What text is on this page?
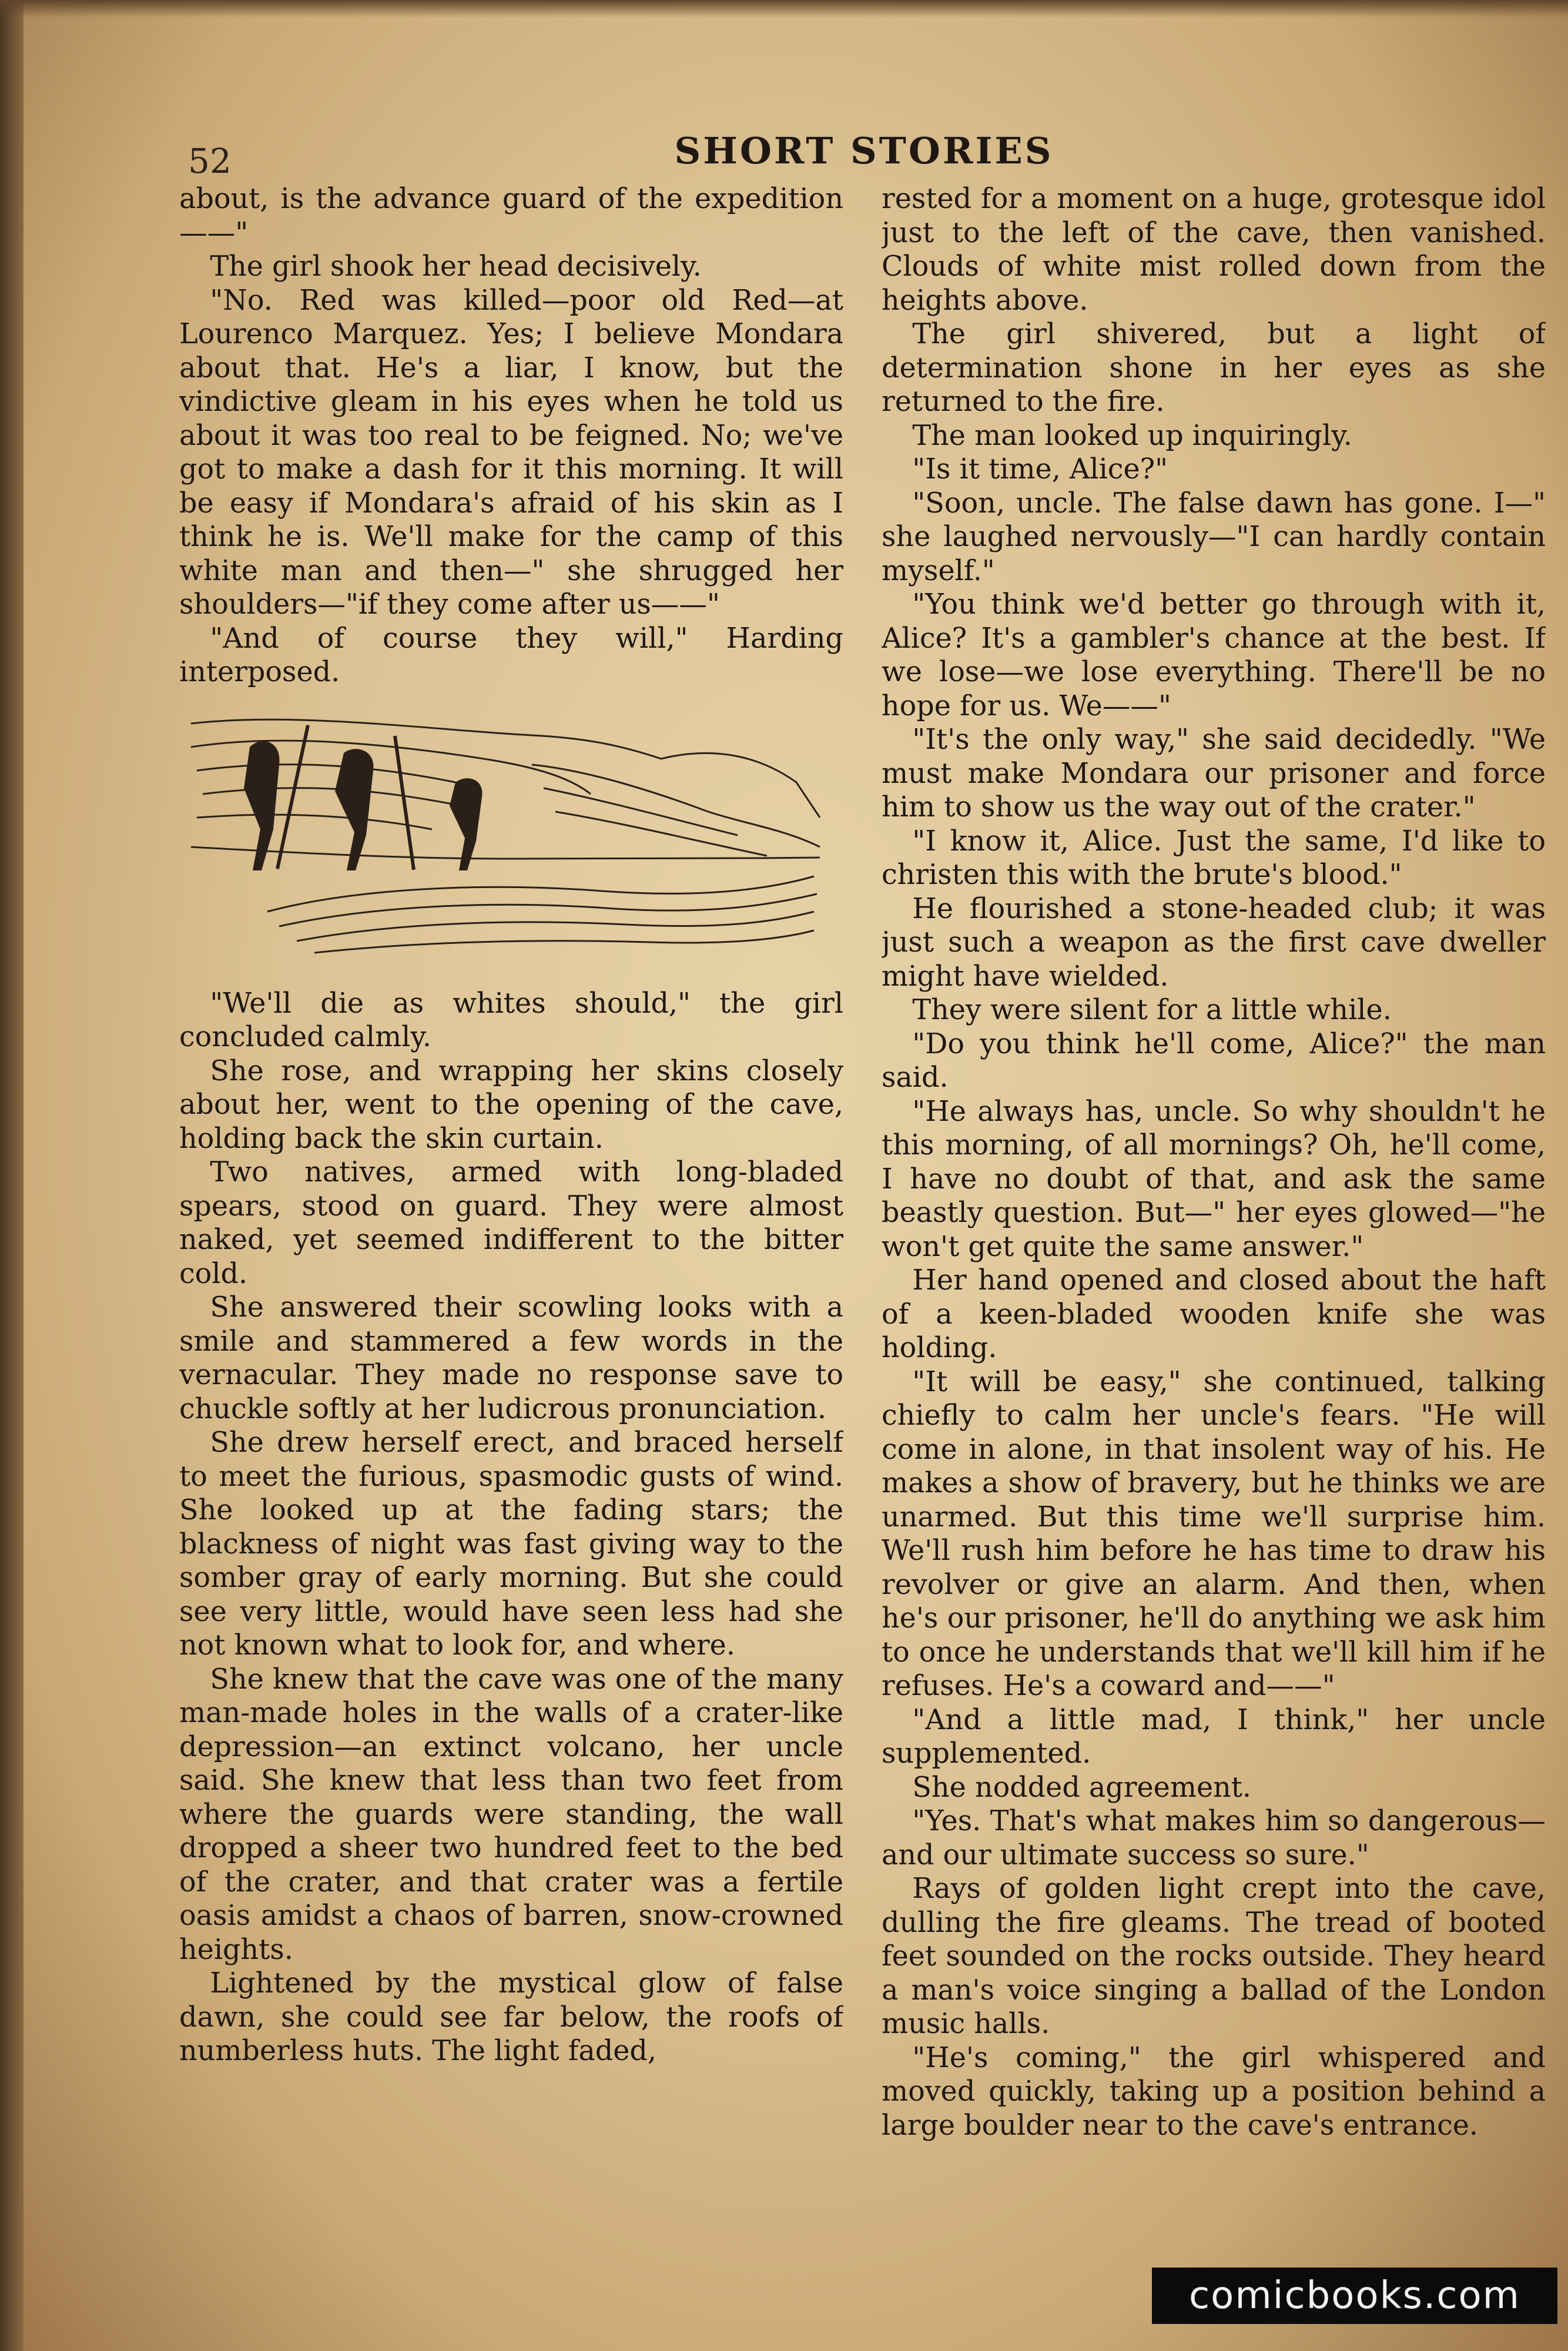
52	SHORT STORIES

about, is the advance guard of the expedition——"

The girl shook her head decisively.

"No. Red was killed—poor old Red—at Lourenco Marquez. Yes; I believe Mondara about that. He's a liar, I know, but the vindictive gleam in his eyes when he told us about it was too real to be feigned. No; we've got to make a dash for it this morning. It will be easy if Mondara's afraid of his skin as I think he is. We'll make for the camp of this white man and then—" she shrugged her shoulders—"if they come after us——"

"And of course they will," Harding interposed.

"We'll die as whites should," the girl concluded calmly.

She rose, and wrapping her skins closely about her, went to the opening of the cave, holding back the skin curtain.

Two natives, armed with long-bladed spears, stood on guard. They were almost naked, yet seemed indifferent to the bitter cold.

She answered their scowling looks with a smile and stammered a few words in the vernacular. They made no response save to chuckle softly at her ludicrous pronunciation.

She drew herself erect, and braced herself to meet the furious, spasmodic gusts of wind. She looked up at the fading stars; the blackness of night was fast giving way to the somber gray of early morning. But she could see very little, would have seen less had she not known what to look for, and where.

She knew that the cave was one of the many man-made holes in the walls of a crater-like depression—an extinct volcano, her uncle said. She knew that less than two feet from where the guards were standing, the wall dropped a sheer two hundred feet to the bed of the crater, and that crater was a fertile oasis amidst a chaos of barren, snow-crowned heights.

Lightened by the mystical glow of false dawn, she could see far below, the roofs of numberless huts. The light faded,

rested for a moment on a huge, grotesque idol just to the left of the cave, then vanished. Clouds of white mist rolled down from the heights above.

The girl shivered, but a light of determination shone in her eyes as she returned to the fire.

The man looked up inquiringly.

"Is it time, Alice?"

"Soon, uncle. The false dawn has gone. I—" she laughed nervously—"I can hardly contain myself."

"You think we'd better go through with it, Alice? It's a gambler's chance at the best. If we lose—we lose everything. There'll be no hope for us. We——"

"It's the only way," she said decidedly. "We must make Mondara our prisoner and force him to show us the way out of the crater."

"I know it, Alice. Just the same, I'd like to christen this with the brute's blood."

He flourished a stone-headed club; it was just such a weapon as the first cave dweller might have wielded.

They were silent for a little while.

"Do you think he'll come, Alice?" the man said.

"He always has, uncle. So why shouldn't he this morning, of all mornings? Oh, he'll come, I have no doubt of that, and ask the same beastly question. But—" her eyes glowed—"he won't get quite the same answer."

Her hand opened and closed about the haft of a keen-bladed wooden knife she was holding.

"It will be easy," she continued, talking chiefly to calm her uncle's fears. "He will come in alone, in that insolent way of his. He makes a show of bravery, but he thinks we are unarmed. But this time we'll surprise him. We'll rush him before he has time to draw his revolver or give an alarm. And then, when he's our prisoner, he'll do anything we ask him to once he understands that we'll kill him if he refuses. He's a coward and——"

"And a little mad, I think," her uncle supplemented.

She nodded agreement.

"Yes. That's what makes him so dangerous—and our ultimate success so sure."

Rays of golden light crept into the cave, dulling the fire gleams. The tread of booted feet sounded on the rocks outside. They heard a man's voice singing a ballad of the London music halls.

"He's coming," the girl whispered and moved quickly, taking up a position behind a large boulder near to the cave's entrance.

comicbooks.com
